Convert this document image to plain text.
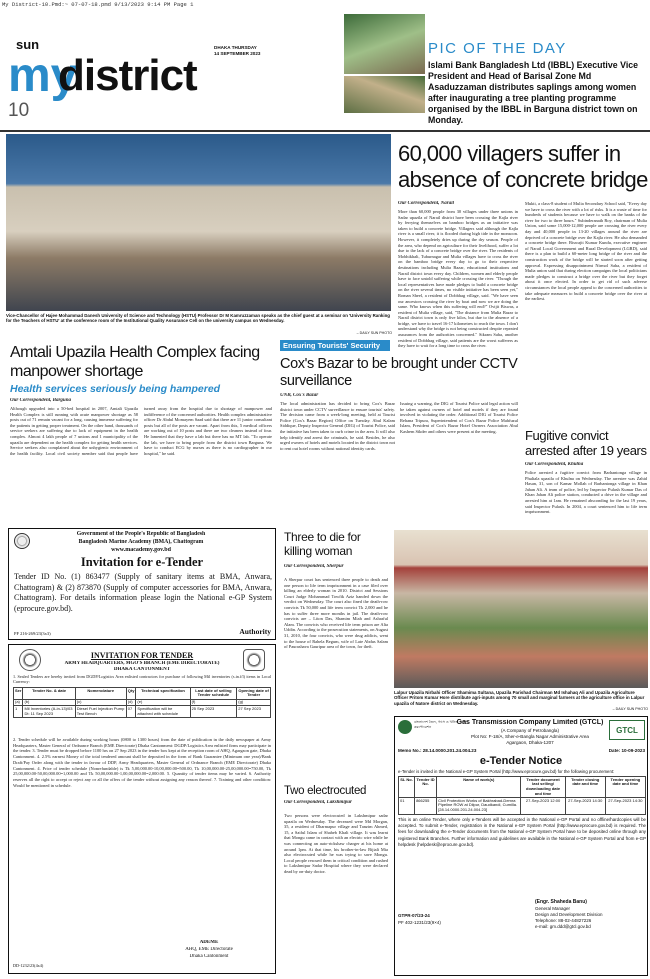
My District-10.Pmd:~ 07-07-18.pmd 9/13/2023 9:14 PM Page 1
10
sun
my
district
DHAKA THURSDAY
14 SEPTEMBER 2023	PIC OF THE DAY
Islami Bank Bangladesh Ltd (IBBL) Executive Vice President and Head of Barisal Zone Md Asaduzzaman distributes saplings among women after inaugurating a tree planting programme organised by the IBBL in Barguna district town on Monday.
Vice-Chancellor of Hajee Mohammad Danesh University of Science and Technology (HSTU) Professor Dr M Kamruzzaman speaks as the chief guest at a seminar on 'University Ranking for the Teachers of HSTU' at the conference room of the Institutional Quality Assurance Cell on the university campus on Wednesday.
– DAILY SUN PHOTO
60,000 villagers suffer in absence of concrete bridge
Our Correspondent, Narail
More than 60,000 people from 30 villages under three unions in Sadar upazila of Narail district have been crossing the Kajla river by ferrying themselves on bamboo bridges as an initiative was taken to build a concrete bridge. Villagers said although the Kajla river is a small river, it is flooded during high tide in the monsoon. However, it completely dries up during the dry season. People of the area, who depend on agriculture for their livelihood, suffer a lot due to the lack of a concrete bridge over the river. The residents of Mobhikhali, Tuburnagar and Mulia villages have to cross the river on the bamboo bridge every day to go to their respective destinations including Mulia Bazar, educational institutions and Narail district town every day. Children, women and elderly people have to face untold suffering while crossing the river. "Though the local representatives have made pledges to build a concrete bridge on the river several times, no visible initiative has been seen yet," Roman Sheel, a resident of Dobbhag village, said. "We have seen our ancestors crossing the river by boat and now we are doing the same. Who knows when this suffering will end?" Ovijit Biswas, a resident of Mulia village, said, "The distance from Mulia Bazar to Narail district town is only five kilos, but due to the absence of a bridge, we have to travel 16-17 kilometres to reach the town. I don't understand why the bridge is not being constructed despite repeated assurances from the authorities concerned." Sikram Saha, another resident of Dobbhag village, said patients are the worst sufferers as they have to wait for a long time to cross the river.
Mukti, a class-8 student of Mulia Secondary School said, "Every day we have to cross the river with a lot of risks. It is a waste of time for hundreds of students because we have to walk on the banks of the river for two to three hours." Subinderanath Roy, chairman of Mulia Union, said some 15,000-12,000 people are crossing the river every day and 40,000 people in 13-20 villages around the river are deprived of a concrete bridge over the Kajla river. He also demanded a concrete bridge there. Biswajit Kumar Kundu, executive engineer of Narail Local Government and Rural Development (LGRD), said there is a plan to build a 60-meter long bridge of the river and the construction work of the bridge will be started soon after getting approval. Expressing disappointment Nirmol Saha, a resident of Mulia union said that during election campaigns the local politicians made pledges to construct a bridge over the river but they forget about it once elected. In order to get rid of such adverse circumstances the local people appeal to the concerned authorities to take adequate measures to build a concrete bridge over the river at the earliest.
Fugitive convict arrested after 19 years
Our Correspondent, Khulna
Police arrested a fugitive convict from Barhantonga village in Phultala upazila of Khulna on Wednesday. The arrestee was Zahid Hasan, 31, son of Kamar Mollah of Barhantonga village in Khan Jahan Ali. A team of police, led by Inspector Pulash Kumar Das of Khan Jahan Ali police station, conducted a drive in the village and arrested him at 1am. He remained absconding for the last 19 years, said Inspector Pulash. In 2004, a court sentenced him to life term imprisonment.
Amtali Upazila Health Complex facing manpower shortage
Health services seriously being hampered
Our Correspondent, Barguna
Although upgraded into a 50-bed hospital in 2007, Amtali Upazila Health Complex is still running with acute manpower shortage as 58 posts out of 71 remain vacant for a long, causing immense suffering for the patients in getting proper treatment. On the other hand, thousands of service seekers are suffering due to lack of equipment in the health complex. Almost 4 lakh people of 7 unions and 1 municipality of the upazila are dependent on the health complex for getting health services. Service seekers also complained about the unhygienic environment of the health facility. Local civil society member said that people have turned away from the hospital due to shortage of manpower and indifference of the concerned authorities. Health complex administrative officer Dr Abdul Momayem Saad said that there are 11 junior consultant posts but all of the posts are vacant. Apart from this, 5 medical officers are working out of 10 posts and there are two cleaners instead of four. He lamented that they have a lab but there has no MT lab. "To operate the lab, we have to bring people from the district town Barguna. We have to conduct ECG by nurses as there is no cardiographer in our hospital," he said.
Ensuring Tourists' Security
Cox's Bazar to be brought under CCTV surveillance
UNB, Cox's Bazar
The local administration has decided to bring Cox's Bazar district town under CCTV surveillance to ensure tourists' safety. The decision came from a week-long meeting, held at Tourist Police (Cox's Bazar Region) Office on Tuesday. Abul Kalam Siddique, Deputy Inspector General (DIG) of Tourist Police, said the initiative has been taken to curb crime in the area. It will also help identify and arrest the criminals, he said. Besides, he also urged owners of hotels and motels located in the district town not to rent out hotel rooms without national identity cards.
Issuing a warning, the DIG of Tourist Police said legal action will be taken against owners of hotel and motels if they are found involved in violating the order. Additional DIG of Tourist Police Rehana Tripura, Superintendent of Cox's Bazar Police Mahfuzul Islam, President of Cox's Bazar Hotel Owners Association Abul Kashem Sikder and others were present at the meeting.
Government of the People's Republic of Bangladesh
Bangladesh Marine Academy (BMA), Chattogram
www.macademy.gov.bd
Invitation for e-Tender
Tender ID No. (1) 863477 (Supply of sanitary items at BMA, Anwara, Chattogram) & (2) 873870 (Supply of computer accessories for BMA, Anwara, Chattogram). For details information please login the National e-GP System (eprocure.gov.bd).
PF 216-269/23(3x3)	Authority
INVITATION FOR TENDER
ARMY HEADQUARTERS, MGO'S BRANCH (EME DIRECTORATE)
DHAKA CANTONMENT
1. Sealed Tenders are hereby invited from DGDP/Logistics Area enlisted contractors for purchase of following Mil inventories (s.in.f/l) items in Local Currency:
Ser	Tender No. & date	Nomenclature	Qty	Technical specification	Last date of selling Tender schedule	Opening date of Tender
(a)	(b)	(c)	(d)	(e)	(f)	(g)
1	Mil Inventories (A-in-13)/03 Dt: 11 Sep 2023	Diesel Fuel Injection Pump Test Bench	07	Specification will be attached with schedule	25 Sep 2023	27 Sep 2023
2. Tender schedule will be available during working hours (0800 to 1300 hours) from the date of publication in the daily newspaper at Army Headquarters, Master General of Ordnance Branch (EME Directorate) Dhaka Cantonment: DGDP/Logistics Area enlisted firms may participate in the tender. 3. Tender must be dropped before 1100 hrs on 27 Sep 2023 in the tender box kept at the reception room of AHQ, Agargaon gate, Dhaka Cantonment. 4. 2.5% earnest Money of the total tendered amount shall be deposited in the form of Bank Guarantee (Minimum one year)/Bank Draft/Pay Order along with the tender in favour of DDP, Army Headquarters, Master General of Ordnance Branch (EME Directorate) Dhaka Cantonment. 4. Price of tender schedule (Nonrefundable) is Tk 5,00,000.00-10,00,000.00=500.00, Tk 10,00,000.00-25,00,000.00=750.00, Tk 25,00,000.00-50,00,000.00=1,000.00 and Tk 50,00,000.00-1,00,00,000.00=2,000.00. 5. Quantity of tender items may be varied. 6. Authority reserves all the right to accept or reject any or all the offers of the tender without assigning any reason thereof. 7. Training and other condition: Would be mentioned in schedule.
ADEME
AHQ, EME Directorate
Dhaka Cantonment
DD-1232/23(4x4)
Three to die for killing woman
Our Correspondent, Sherpur
A Sherpur court has sentenced three people to death and one person to life term imprisonment in a case filed over killing an elderly woman in 2010. District and Sessions Court Judge Mohammad Towfik Aziz handed down the verdict on Wednesday. The court also fined the death-row convicts Tk 50,000 and life term convict Tk 2,000 and he has to suffer three more months in jail. The death-row convicts are – Liton Das, Shamim Miah and Ashraful Alam. The convicts who received life term prison are Alta Uddin. According to the prosecution statements, on August 31, 2010, the four convicts, who were drug addicts, went to the house of Rahela Begum, wife of Late Abdus Salam of Paurashava Gauripur area of the town, for theft.
Two electrocuted
Our Correspondent, Lakshmipur
Two persons were electrocuted in Lakshmipur sadar upazila on Wednesday. The deceased were Md Morgan, 35, a resident of Dharmapur village and Tanzim Ahmed, 15, a Saiful Islam of Shaheb Khali village. It was learnt that Mongu came in contact with an electric wire while he was connecting an auto-rickshaw charger at his home at around 1pm. At that time, his brother-in-law Bijiali Mia also electrocuted while he was trying to save Mongu. Local people rescued them in critical condition and rushed to Lakshmipur Sadar Hospital where they were declared dead by on-duty doctor.
Lalpur Upazila Nirbahi Officer Shamima Sultana, Upazila Parishad Chairman Md Ishahaq Ali and Upazila Agriculture Officer Pritom Kumar Hore distribute agri-inputs among 70 small and marginal farmers at the agriculture office in Lalpur upazila of Natore district on Wednesday.
– DAILY SUN PHOTO
বাংলাদেশ তৈল, গ্যাস ও খনিজ সম্পদ করপোরেশন
Gas Transmission Company Limited (GTCL)
(A Company of Petrobangla)
Plot No: F-18/A, Sher-e-Bangla Nagar Administrative Area
Agargaon, Dhaka-1207
GTCL
Memo No.: 28.14.0000.201.24.004.23	Date: 10-09-2023
e-Tender Notice
e-Tender is invited in the National e-GP System Portal (http://www.eprocure.gov.bd) for the following procurement:
SL No.	Tender ID No.	Name of work(s)	Tender document last selling/ downloading date and time	Tender closing date and time	Tender opening date and time
01	866255	Civil Protection Works of Bakhrabad-Demra Pipeline ROW at Dilpur, Daudkandi, Cumilla. [28.14.0000.201.24.004.23]	27-Sep-2023 12:00	27-Sep-2023 14:30	27-Sep-2023 14:30
This is an online Tender, where only e-Tenders will be accepted in the National e-GP Portal and no offline/hardcopies will be accepted. To submit e-Tender, registration in the National e-GP System Portal (http://www.eprocure.gov.bd) is required. The fees for downloading the e-Tender documents from the National e-GP System Portal have to be deposited online through any registered Bank Branches. Further information and guidelines are available in the National e-GP System Portal and from e-GP helpdesk (helpdesk@eprocure.gov.bd).
(Engr. Shaheda Banu)
General Manager
Design and Development Division
Telephone: 88-02-44827226
e-mail: gm.ddd@gtcl.gov.bd
GTPR-07/23-24
PF 402-1231/23(9×4)
